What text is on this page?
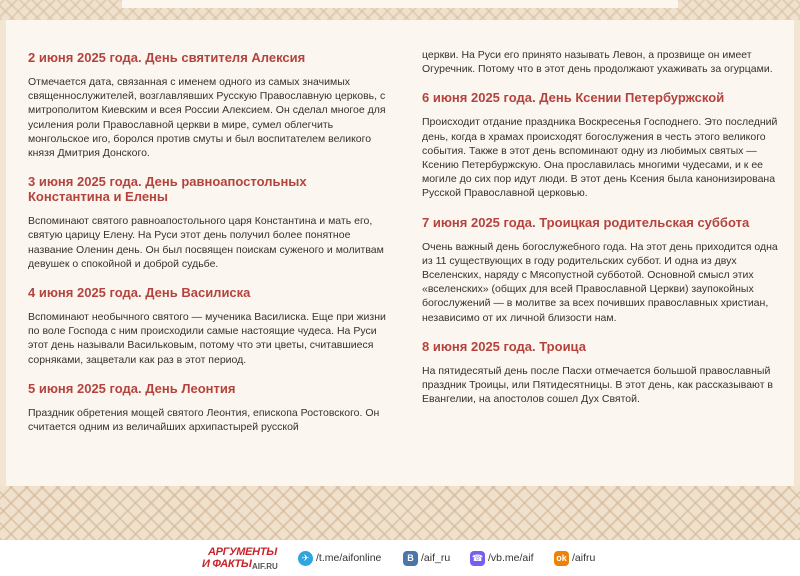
2 июня 2025 года. День святителя Алексия
Отмечается дата, связанная с именем одного из самых значимых священнослужителей, возглавлявших Русскую Православную церковь, с митрополитом Киевским и всея России Алексием. Он сделал многое для усиления роли Православной церкви в мире, сумел облегчить монгольское иго, боролся против смуты и был воспитателем великого князя Дмитрия Донского.
3 июня 2025 года. День равноапостольных Константина и Елены
Вспоминают святого равноапостольного царя Константина и мать его, святую царицу Елену. На Руси этот день получил более понятное название Оленин день. Он был посвящен поискам суженого и молитвам девушек о спокойной и доброй судьбе.
4 июня 2025 года. День Василиска
Вспоминают необычного святого — мученика Василиска. Еще при жизни по воле Господа с ним происходили самые настоящие чудеса. На Руси этот день называли Васильковым, потому что эти цветы, считавшиеся сорняками, зацветали как раз в этот период.
5 июня 2025 года. День Леонтия
Праздник обретения мощей святого Леонтия, епископа Ростовского. Он считается одним из величайших архипастырей русской
церкви. На Руси его принято называть Левон, а прозвище он имеет Огуречник. Потому что в этот день продолжают ухаживать за огурцами.
6 июня 2025 года. День Ксении Петербуржской
Происходит отдание праздника Воскресенья Господнего. Это последний день, когда в храмах происходят богослужения в честь этого великого события. Также в этот день вспоминают одну из любимых святых — Ксению Петербуржскую. Она прославилась многими чудесами, и к ее могиле до сих пор идут люди. В этот день Ксения была канонизирована Русской Православной церковью.
7 июня 2025 года. Троицкая родительская суббота
Очень важный день богослужебного года. На этот день приходится одна из 11 существующих в году родительских суббот. И одна из двух Вселенских, наряду с Мясопустной субботой. Основной смысл этих «вселенских» (общих для всей Православной Церкви) заупокойных богослужений — в молитве за всех почивших православных христиан, независимо от их личной близости нам.
8 июня 2025 года. Троица
На пятидесятый день после Пасхи отмечается большой православный праздник Троицы, или Пятидесятницы. В этот день, как рассказывают в Евангелии, на апостолов сошел Дух Святой.
АРГУМЕНТЫ
И ФАКТЫ AIF.RU
✈ /t.me/aifonline	B /aif_ru ☎ /vb.me/aif	ok /aifru
